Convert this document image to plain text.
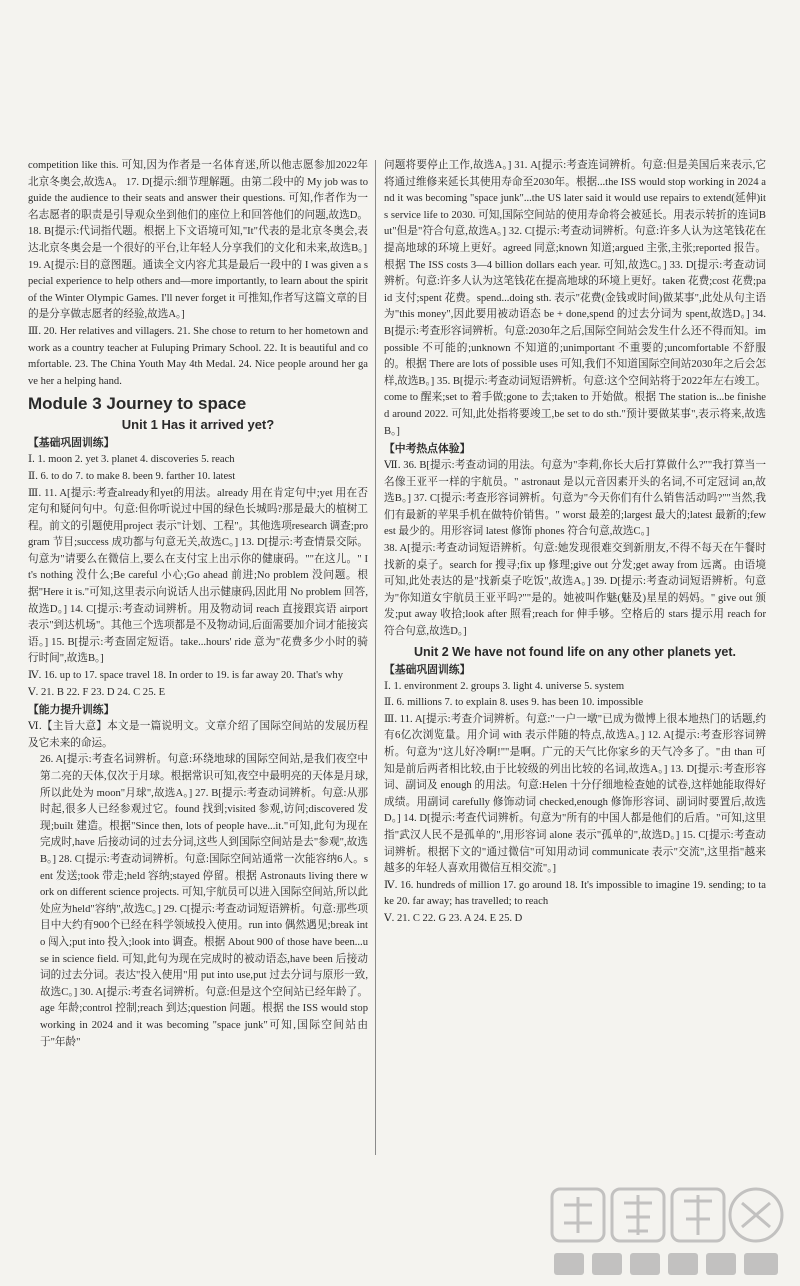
competition like this. 可知,因为作者是一名体育迷,所以他志愿参加2022年北京冬奥会,故选A。 17. D[提示:细节理解题。由第二段中的 My job was to guide the audience to their seats and answer their questions. 可知,作者作为一名志愿者的职责是引导观众坐到他们的座位上和回答他们的问题,故选D。 18. B[提示:代词指代题。根据上下文语境可知,"It"代表的是北京冬奥会,表达北京冬奥会是一个很好的平台,让年轻人分享我们的文化和未来,故选B。]
19. A[提示:目的意图题。通读全文内容尤其是最后一段中的 I was given a special experience to help others and—more importantly, to learn about the spirit of the Winter Olympic Games. I'll never forget it 可推知,作者写这篇文章的目的是分享做志愿者的经验,故选A。]
Ⅲ. 20. Her relatives and villagers. 21. She chose to return to her hometown and work as a country teacher at Fuluping Primary School. 22. It is beautiful and comfortable. 23. The China Youth May 4th Medal. 24. Nice people around her gave her a helping hand.
Module 3 Journey to space
Unit 1 Has it arrived yet?
【基础巩固训练】
Ⅰ. 1. moon 2. yet 3. planet 4. discoveries 5. reach
Ⅱ. 6. to do 7. to make 8. been 9. farther 10. latest
Ⅲ. 11. A[提示:考查already和yet的用法。already 用在肯定句中;yet 用在否定句和疑问句中。句意:但你听说过中国的绿色长城吗?那是最大的植树工程。前文的引题使用project 表示"计划、工程"。其他选项research 调查;program 节目;success 成功都与句意无关,故选C。] 13. D[提示:考查情景交际。句意为"请要么在微信上,要么在支付宝上出示你的健康码。""在这儿。" It's nothing 没什么;Be careful 小心;Go ahead 前进;No problem 没问题。根据"Here it is."可知,这里表示向说话人出示健康码,因此用 No problem 回答,故选D。] 14. C[提示:考查动词辨析。用及物动词 reach 直接跟宾语 airport 表示"到达机场"。其他三个选项都是不及物动词,后面需要加介词才能接宾语。] 15. B[提示:考查固定短语。take...hours' ride 意为"花费多少小时的骑行时间",故选B。]
Ⅳ. 16. up to 17. space travel 18. In order to 19. is far away 20. That's why
Ⅴ. 21. B 22. F 23. D 24. C 25. E
【能力提升训练】
Ⅵ.【主旨大意】本文是一篇说明文。文章介绍了国际空间站的发展历程及它未来的命运。
26. A[提示:考查名词辨析。句意:环绕地球的国际空间站,是我们夜空中第二亮的天体,仅次于月球。根据常识可知,夜空中最明亮的天体是月球,所以此处为 moon"月球",故选A。] 27. B[提示:考查动词辨析。句意:从那时起,很多人已经参观过它。found 找到;visited 参观,访问;discovered 发现;built 建造。根据"Since then, lots of people have...it."可知,此句为现在完成时,have 后接动词的过去分词,这些人到国际空间站是去"参观",故选B。] 28. C[提示:考查动词辨析。句意:国际空间站通常一次能容纳6人。sent 发送;took 带走;held 容纳;stayed 停留。根据 Astronauts living there work on different science projects. 可知,宇航员可以进入国际空间站,所以此处应为held"容纳",故选C。] 29. C[提示:考查动词短语辨析。句意:那些项目中大约有900个已经在科学领域投入使用。run into 偶然遇见;break into 闯入;put into 投入;look into 调查。根据 About 900 of those have been...use in science field. 可知,此句为现在完成时的被动语态,have been 后接动词的过去分词。表达"投入使用"用 put into use,put 过去分词与原形一致,故选C。] 30. A[提示:考查名词辨析。句意:但是这个空间站已经年龄了。age 年龄;control 控制;reach 到达;question 问题。根据 the ISS would stop working in 2024 and it was becoming "space junk"可知,国际空间站由于"年龄"
问题将要停止工作,故选A。] 31. A[提示:考查连词辨析。句意:但是美国后来表示,它将通过维修来延长其使用寿命至2030年。根据...the ISS would stop working in 2024 and it was becoming "space junk"...the US later said it would use repairs to extend(延伸)its service life to 2030. 可知,国际空间站的使用寿命将会被延长。用表示转折的连词But"但是"符合句意,故选A。] 32. C[提示:考查动词辨析。句意:许多人认为这笔钱花在提高地球的环境上更好。agreed 同意;known 知道;argued 主张,主张;reported 报告。根据 The ISS costs 3—4 billion dollars each year. 可知,故选C。] 33. D[提示:考查动词辨析。句意:许多人认为这笔钱花在提高地球的环境上更好。taken 花费;cost 花费;paid 支付;spent 花费。spend...doing sth. 表示"花费(金钱或时间)做某事",此处从句主语为"this money",因此要用被动语态 be + done,spend 的过去分词为 spent,故选D。] 34. B[提示:考查形容词辨析。句意:2030年之后,国际空间站会发生什么还不得而知。impossible 不可能的;unknown 不知道的;unimportant 不重要的;uncomfortable 不舒服的。根据 There are lots of possible uses 可知,我们不知道国际空间站2030年之后会怎样,故选B。] 35. B[提示:考查动词短语辨析。句意:这个空间站将于2022年左右竣工。come to 醒来;set to 着手做;gone to 去;taken to 开始做。根据 The station is...be finished around 2022. 可知,此处指将要竣工,be set to do sth."预计要做某事",表示将来,故选B。]
【中考热点体验】
Ⅶ. 36. B[提示:考查动词的用法。句意为"李莉,你长大后打算做什么?""我打算当一名像王亚平一样的宇航员。" astronaut 是以元音因素开头的名词,不可定冠词 an,故选B。] 37. C[提示:考查形容词辨析。句意为"今天你们有什么销售活动吗?""当然,我们有最新的苹果手机在做特价销售。" worst 最差的;largest 最大的;latest 最新的;fewest 最少的。用形容词 latest 修饰 phones 符合句意,故选C。]
38. A[提示:考查动词短语辨析。句意:她发现很难交到新朋友,不得不每天在午餐时找新的桌子。search for 搜寻;fix up 修理;give out 分发;get away from 远离。由语境可知,此处表达的是"找新桌子吃饭",故选A。] 39. D[提示:考查动词短语辨析。句意为"你知道女宇航员王亚平吗?""是的。她被叫作魅(魅及)星星的妈妈。" give out 颁发;put away 收拾;look after 照看;reach for 伸手够。空格后的 stars 提示用 reach for 符合句意,故选D。]
Unit 2 We have not found life on any other planets yet.
【基础巩固训练】
Ⅰ. 1. environment 2. groups 3. light 4. universe 5. system
Ⅱ. 6. millions 7. to explain 8. uses 9. has been 10. impossible
Ⅲ. 11. A[提示:考查介词辨析。句意:"一户一墩"已成为微博上很本地热门的话题,约有6亿次浏览量。用介词 with 表示伴随的特点,故选A。] 12. A[提示:考查形容词辨析。句意为"这儿好冷啊!""是啊。广元的天气比你家乡的天气冷多了。"由 than 可知是前后两者相比较,由于比较级的列出比较的名词,故选A。] 13. D[提示:考查形容词、副词及 enough 的用法。句意:Helen 十分仔细地检查她的试卷,这样她能取得好成绩。用副词 carefully 修饰动词 checked,enough 修饰形容词、副词时要置后,故选D。] 14. D[提示:考查代词辨析。句意为"所有的中国人都是他们的后盾。"可知,这里指"武汉人民不是孤单的",用形容词 alone 表示"孤单的",故选D。] 15. C[提示:考查动词辨析。根据下文的"通过微信"可知用动词 communicate 表示"交流",这里指"越来越多的年轻人喜欢用微信互相交流"。]
Ⅳ. 16. hundreds of million 17. go around 18. It's impossible to imagine 19. sending; to take 20. far away; has travelled; to reach
Ⅴ. 21. C 22. G 23. A 24. E 25. D
